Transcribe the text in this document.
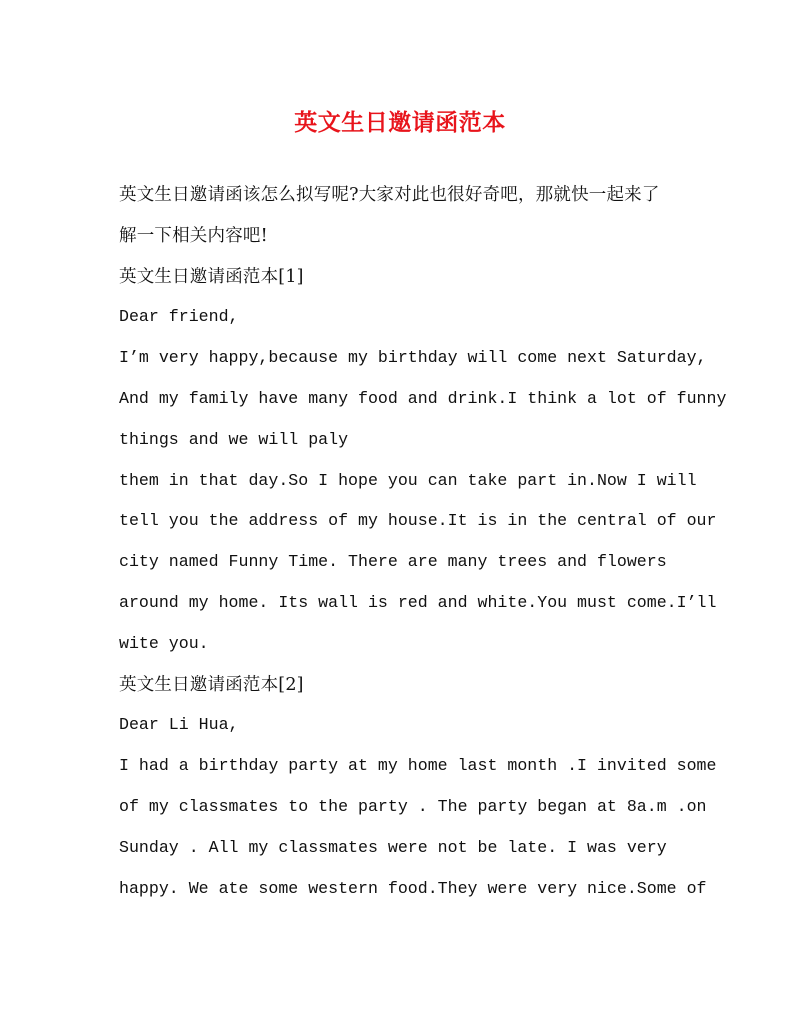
英文生日邀请函范本
英文生日邀请函该怎么拟写呢?大家对此也很好奇吧，那就快一起来了
解一下相关内容吧!
英文生日邀请函范本[1]
Dear friend,
I’m very happy,because my birthday will come next Saturday,
And my family have many food and drink.I think a lot of funny
things and we will paly
them in that day.So I hope you can take part in.Now I will
tell you the address of my house.It is in the central of our
city named Funny Time. There are many trees and flowers
around my home. Its wall is red and white.You must come.I’ll
wite you.
英文生日邀请函范本[2]
Dear Li Hua,
I had a birthday party at my home last month .I invited some
of my classmates to the party . The party began at 8a.m .on
Sunday . All my classmates were not be late. I was very
happy. We ate some western food.They were very nice.Some of
